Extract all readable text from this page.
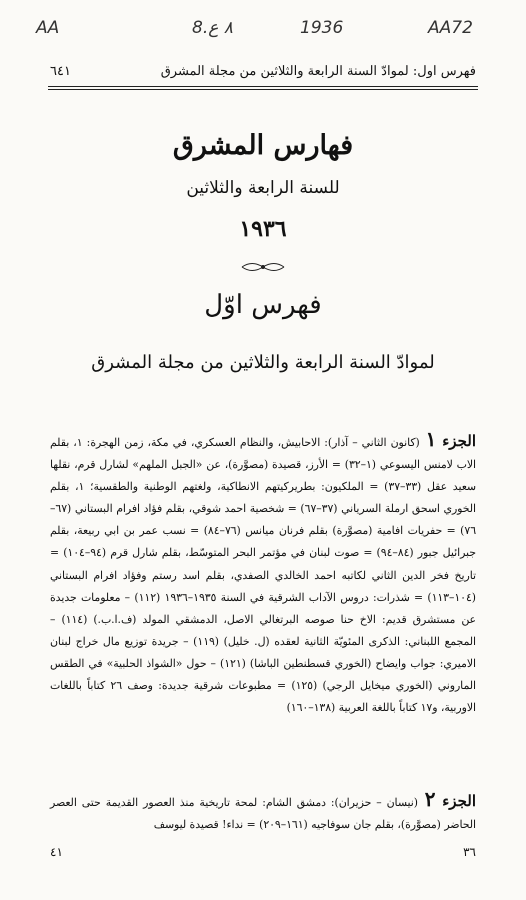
AA	8.٨ ع	1936	AA72
فهرس اول: لموادّ السنة الرابعة والثلاثين من مجلة المشرق
٦٤١
فهارس المشرق
للسنة الرابعة والثلاثين
١٩٣٦
فهرس اوّل
لموادّ السنة الرابعة والثلاثين من مجلة المشرق

الجزء ١ (كانون الثاني – آذار): الاحابيش، والنظام العسكري، في مكة، زمن الهجرة: ١، بقلم الاب لامنس اليسوعي (١–٣٢) = الأرز، قصيدة (مصوَّرة)، عن «الجبل الملهم» لشارل قرم، نقلها سعيد عقل (٣٣–٣٧) = الملكيون: بطريركيتهم الانطاكية، ولغتهم الوطنية والطقسية؛ ١، بقلم الخوري اسحق ارملة السرياني (٣٧–٦٧) = شخصية احمد شوقي، بقلم فؤاد افرام البستاني (٦٧–٧٦) = حفريات افامية (مصوَّرة) بقلم فرنان ميانس (٧٦–٨٤) = نسب عمر بن ابي ربيعة، بقلم جبرائيل جبور (٨٤–٩٤) = صوت لبنان في مؤتمر البحر المتوسّط، بقلم شارل قرم (٩٤–١٠٤) = تاريخ فخر الدين الثاني لكاتبه احمد الخالدي الصفدي، بقلم اسد رستم وفؤاد افرام البستاني (١٠٤–١١٣) = شذرات: دروس الآداب الشرقية في السنة ١٩٣٥–١٩٣٦ (١١٢) – معلومات جديدة عن مستشرق قديم: الاخ حنا صوصه البرتغالي الاصل، الدمشقي المولد (ف.ا.ب.) (١١٤) – المجمع اللبناني: الذكرى المئويّة الثانية لعقده (ل. خليل) (١١٩) – جريدة توزيع مال خراج لبنان الاميري: جواب وايضاح (الخوري قسطنطين الباشا) (١٢١) – حول «الشواذ الحلبية» في الطقس الماروني (الخوري ميخايل الرجي) (١٢٥) = مطبوعات شرقية جديدة: وصف ٢٦ كتاباً باللغات الاوربية، و١٧ كتاباً باللغة العربية (١٣٨–١٦٠)

الجزء ٢ (نيسان – حزيران): دمشق الشام: لمحة تاريخية منذ العصور القديمة حتى العصر الحاضر (مصوَّرة)، بقلم جان سوفاجيه (١٦١–٢٠٩) = نداء! قصيدة ليوسف

٣٦
٤١
